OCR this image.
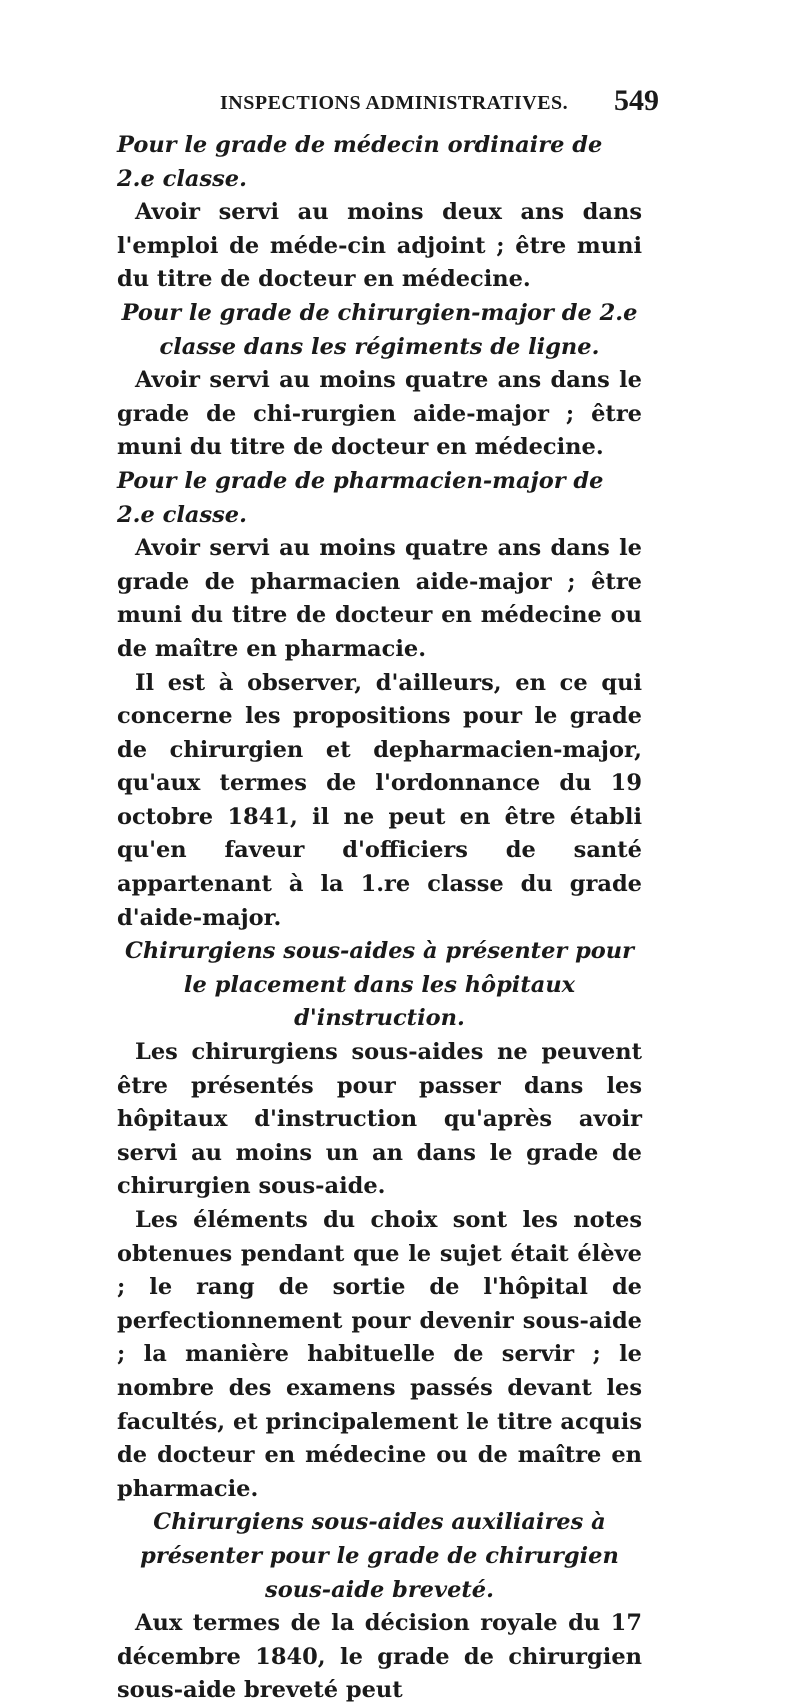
INSPECTIONS ADMINISTRATIVES. 549

Pour le grade de médecin ordinaire de 2.e classe.

Avoir servi au moins deux ans dans l'emploi de méde-cin adjoint ; être muni du titre de docteur en médecine.

Pour le grade de chirurgien-major de 2.e classe dans les régiments de ligne.

Avoir servi au moins quatre ans dans le grade de chi-rurgien aide-major ; être muni du titre de docteur en médecine.

Pour le grade de pharmacien-major de 2.e classe.

Avoir servi au moins quatre ans dans le grade de pharmacien aide-major ; être muni du titre de docteur en médecine ou de maître en pharmacie.

Il est à observer, d'ailleurs, en ce qui concerne les propositions pour le grade de chirurgien et depharmacien-major, qu'aux termes de l'ordonnance du 19 octobre 1841, il ne peut en être établi qu'en faveur d'officiers de santé appartenant à la 1.re classe du grade d'aide-major.

Chirurgiens sous-aides à présenter pour le placement dans les hôpitaux d'instruction.

Les chirurgiens sous-aides ne peuvent être présentés pour passer dans les hôpitaux d'instruction qu'après avoir servi au moins un an dans le grade de chirurgien sous-aide.

Les éléments du choix sont les notes obtenues pendant que le sujet était élève ; le rang de sortie de l'hôpital de perfectionnement pour devenir sous-aide ; la manière habituelle de servir ; le nombre des examens passés devant les facultés, et principalement le titre acquis de docteur en médecine ou de maître en pharmacie.

Chirurgiens sous-aides auxiliaires à présenter pour le grade de chirurgien sous-aide breveté.

Aux termes de la décision royale du 17 décembre 1840, le grade de chirurgien sous-aide breveté peut
